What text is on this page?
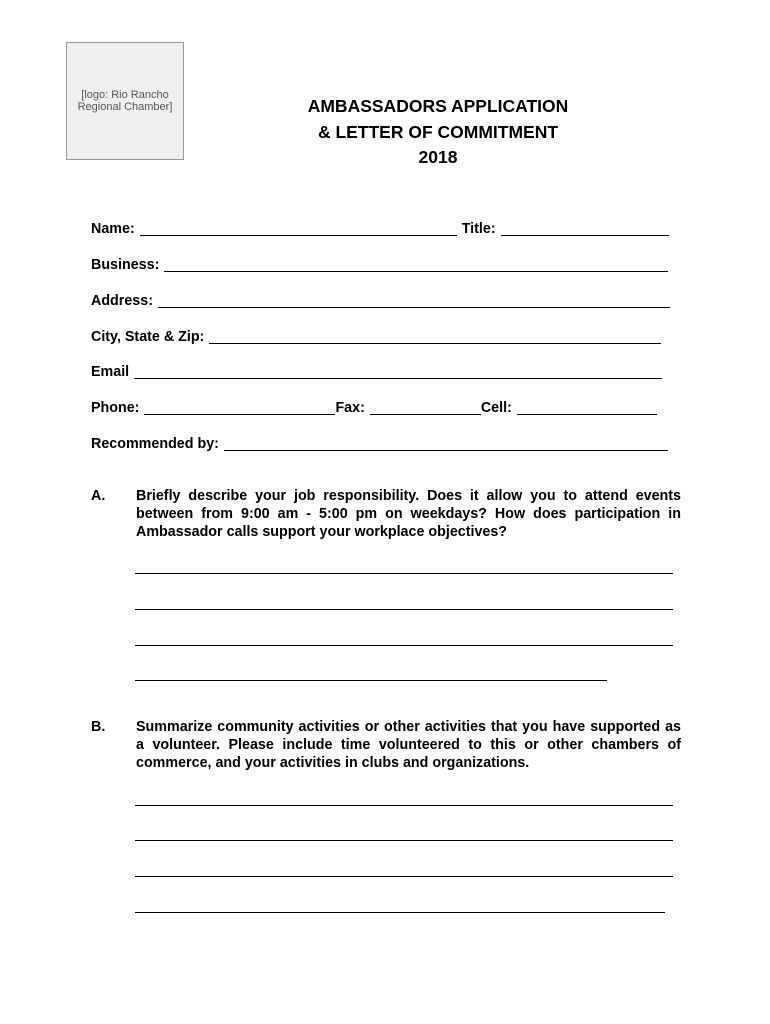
[logo: Rio Rancho Regional Chamber]	AMBASSADORS APPLICATION
& LETTER OF COMMITMENT
2018
Name:	Title:
Business:
Address:
City, State & Zip:
Email
Phone:	Fax:	Cell:
Recommended by:
A. Briefly describe your job responsibility. Does it allow you to attend events between from 9:00 am - 5:00 pm on weekdays? How does participation in Ambassador calls support your workplace objectives?
B. Summarize community activities or other activities that you have supported as a volunteer. Please include time volunteered to this or other chambers of commerce, and your activities in clubs and organizations.
